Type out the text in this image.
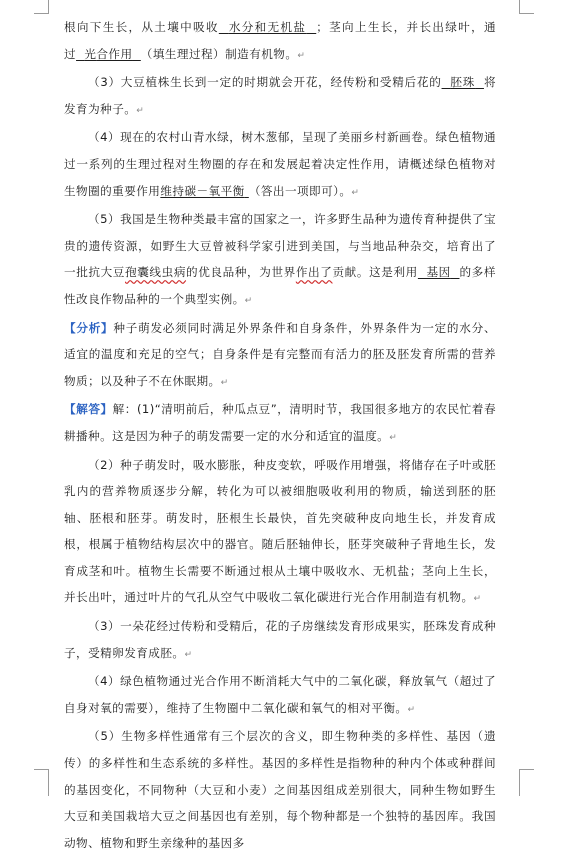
根向下生长，从土壤中吸收 水分和无机盐 ；茎向上生长，并长出绿叶，通过 光合作用 （填生理过程）制造有机物。↵

（3）大豆植株生长到一定的时期就会开花，经传粉和受精后花的 胚珠 将发育为种子。↵

（4）现在的农村山青水绿，树木葱郁，呈现了美丽乡村新画卷。绿色植物通过一系列的生理过程对生物圈的存在和发展起着决定性作用，请概述绿色植物对生物圈的重要作用维持碳－氧平衡 （答出一项即可）。↵

（5）我国是生物种类最丰富的国家之一，许多野生品种为遗传育种提供了宝贵的遗传资源，如野生大豆曾被科学家引进到美国，与当地品种杂交，培育出了一批抗大豆孢囊线虫病的优良品种，为世界作出了贡献。这是利用 基因 的多样性改良作物品种的一个典型实例。↵

【分析】种子萌发必须同时满足外界条件和自身条件，外界条件为一定的水分、适宜的温度和充足的空气；自身条件是有完整而有活力的胚及胚发育所需的营养物质；以及种子不在休眠期。↵

【解答】解：(1)“清明前后，种瓜点豆”，清明时节，我国很多地方的农民忙着春耕播种。这是因为种子的萌发需要一定的水分和适宜的温度。↵

（2）种子萌发时，吸水膨胀，种皮变软，呼吸作用增强，将储存在子叶或胚乳内的营养物质逐步分解，转化为可以被细胞吸收利用的物质，输送到胚的胚轴、胚根和胚芽。萌发时，胚根生长最快，首先突破种皮向地生长，并发育成根，根属于植物结构层次中的器官。随后胚轴伸长，胚芽突破种子背地生长，发育成茎和叶。植物生长需要不断通过根从土壤中吸收水、无机盐；茎向上生长，并长出叶，通过叶片的气孔从空气中吸收二氧化碳进行光合作用制造有机物。↵

（3）一朵花经过传粉和受精后，花的子房继续发育形成果实，胚珠发育成种子，受精卵发育成胚。↵

（4）绿色植物通过光合作用不断消耗大气中的二氧化碳，释放氧气（超过了自身对氧的需要），维持了生物圈中二氧化碳和氧气的相对平衡。↵

（5）生物多样性通常有三个层次的含义，即生物种类的多样性、基因（遗传）的多样性和生态系统的多样性。基因的多样性是指物种的种内个体或种群间的基因变化，不同物种（大豆和小麦）之间基因组成差别很大，同种生物如野生大豆和美国栽培大豆之间基因也有差别，每个物种都是一个独特的基因库。我国动物、植物和野生亲缘种的基因多
